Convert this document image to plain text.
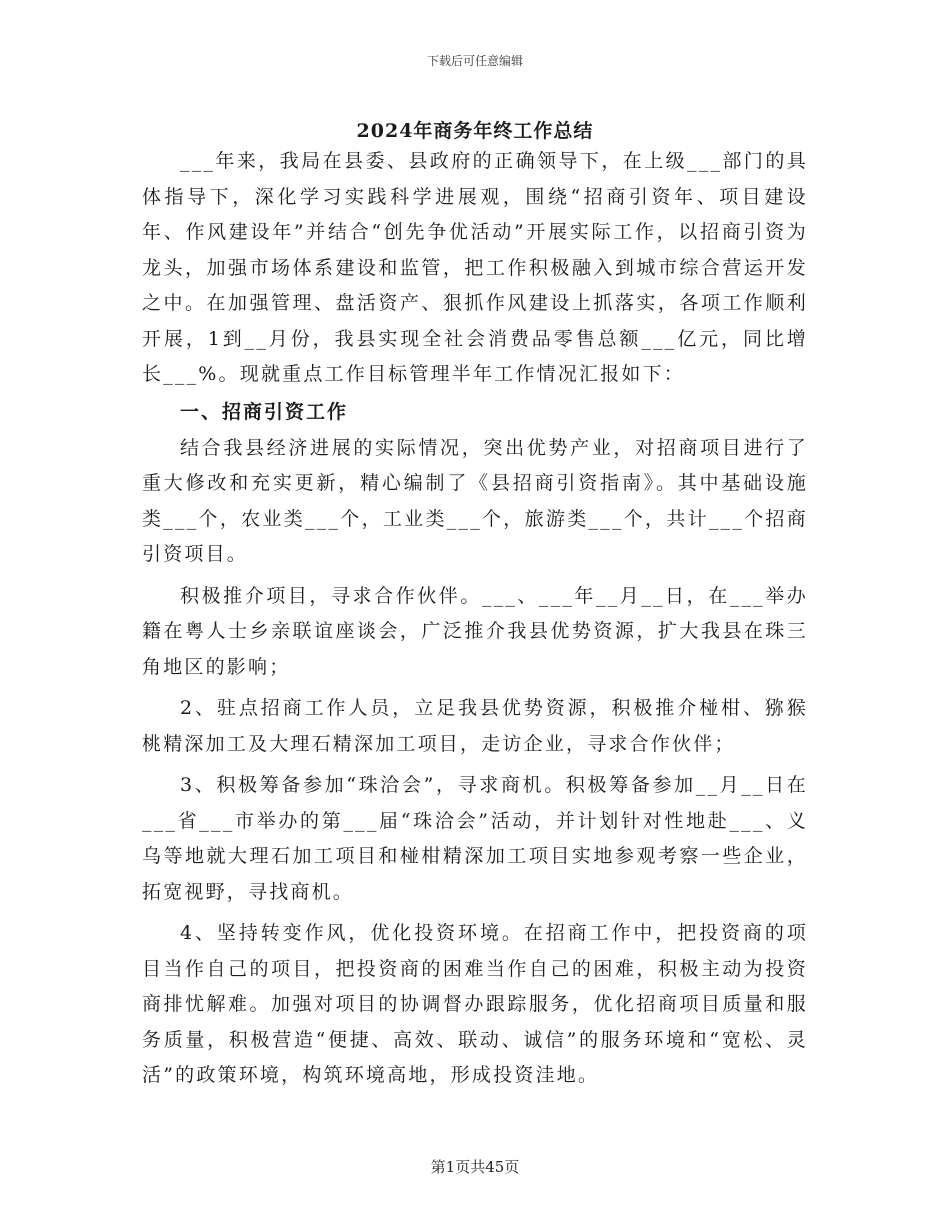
下载后可任意编辑
2024年商务年终工作总结

___年来，我局在县委、县政府的正确领导下，在上级___部门的具体指导下，深化学习实践科学进展观，围绕“招商引资年、项目建设年、作风建设年”并结合“创先争优活动”开展实际工作，以招商引资为龙头，加强市场体系建设和监管，把工作积极融入到城市综合营运开发之中。在加强管理、盘活资产、狠抓作风建设上抓落实，各项工作顺利开展，1到__月份，我县实现全社会消费品零售总额___亿元，同比增长___%。现就重点工作目标管理半年工作情况汇报如下：

一、招商引资工作

结合我县经济进展的实际情况，突出优势产业，对招商项目进行了重大修改和充实更新，精心编制了《县招商引资指南》。其中基础设施类___个，农业类___个，工业类___个，旅游类___个，共计___个招商引资项目。

积极推介项目，寻求合作伙伴。___、___年__月__日，在___举办籍在粤人士乡亲联谊座谈会，广泛推介我县优势资源，扩大我县在珠三角地区的影响；

2、驻点招商工作人员，立足我县优势资源，积极推介椪柑、猕猴桃精深加工及大理石精深加工项目，走访企业，寻求合作伙伴；

3、积极筹备参加“珠洽会”，寻求商机。积极筹备参加__月__日在___省___市举办的第___届“珠洽会”活动，并计划针对性地赴___、义乌等地就大理石加工项目和椪柑精深加工项目实地参观考察一些企业，拓宽视野，寻找商机。

4、坚持转变作风，优化投资环境。在招商工作中，把投资商的项目当作自己的项目，把投资商的困难当作自己的困难，积极主动为投资商排忧解难。加强对项目的协调督办跟踪服务，优化招商项目质量和服务质量，积极营造“便捷、高效、联动、诚信”的服务环境和“宽松、灵活”的政策环境，构筑环境高地，形成投资洼地。

第1页共45页
